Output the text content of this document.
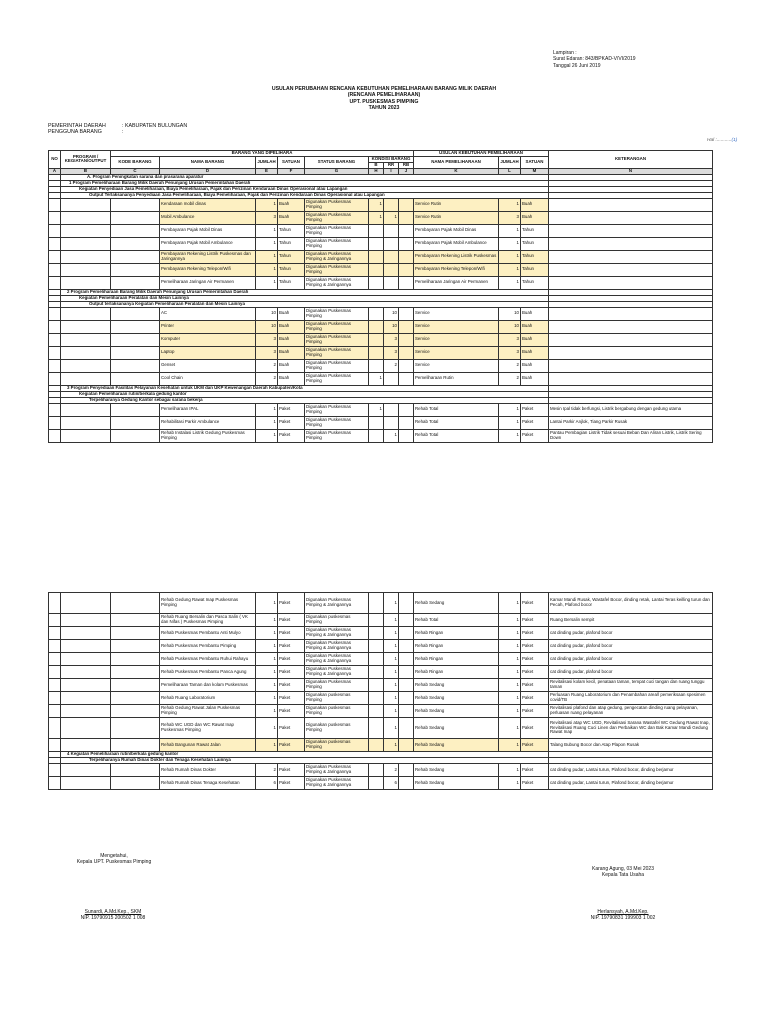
Lampiran :
Surat Edaran: 843/BPKAD-V/VI/2019
Tanggal 26 Juni 2019
USULAN PERUBAHAN RENCANA KEBUTUHAN PEMELIHARAAN BARANG MILIK DAERAH
(RENCANA PEMELIHARAAN)
UPT. PUSKESMAS PIMPING
TAHUN 2023
PEMERINTAH DAERAH	: KABUPATEN BULUNGAN
PENGGUNA BARANG	:
Hal :...........(1)
NO	PROGRAM / KEGIATAN/OUTPUT	BARANG YANG DIPELIHARA								USULAN KEBUTUHAN PEMELIHARAAN			KETERANGAN
		KODE BARANG	NAMA BARANG	JUMLAH	SATUAN	STATUS BARANG	KONDISI BARANG			NAMA PEMELIHARAAN	JUMLAH	SATUAN	
							B	RR	RB				
A	B	C	D	E	F	G	H	I	J	K	L	M	N
	A. Program Peningkatan sarana dan prasarana aparatur												
	1 Program Pemeliharaan Barang Milik Daerah Penunjang Urusan Pemerintahan Daerah												
	Kegiatan Penyediaan Jasa Pemeliharaan, Biaya Pemeliharaan, Pajak dan Perizinan Kendaraan Dinas Operasional atau Lapangan												
	Output Terlaksananya Penyediaan Jasa Pemeliharaan, Biaya Pemeliharaan, Pajak dan Perizinan Kendaraan Dinas Operasional atau Lapangan												
			Kendaraan mobil dinas	1	Buah	Digunakan Puskesmas Pimping	1			Service Rutin	1	Buah	
			Mobil Ambulance	3	Buah	Digunakan Puskesmas Pimping	1	1		Service Rutin	3	Buah	
			Pembayaran Pajak Mobil Dinas	1	Tahun	Digunakan Puskesmas Pimping				Pembayaran Pajak Mobil Dinas	1	Tahun	
			Pembayaran Pajak Mobil Ambulance	1	Tahun	Digunakan Puskesmas Pimping				Pembayaran Pajak Mobil Ambulance	1	Tahun	
			Pembayaran Rekening Listrik Puskesmas dan Jaringannya	1	Tahun	Digunakan Puskesmas Pimping & Jaringannya				Pembayaran Rekening Listrik Puskesmas	1	Tahun	
			Pembayaran Rekening Telepon/Wifi	1	Tahun	Digunakan Puskesmas Pimping				Pembayaran Rekening Telepon/Wifi	1	Tahun	
			Pemeliharaan Jaringan Air Permanen	1	Tahun	Digunakan Puskesmas Pimping & Jaringannya				Pemeliharaan Jaringan Air Permanen	1	Tahun	
	2 Program Pemeliharaan Barang Milik Daerah Penunjang Urusan Pemerintahan Daerah												
	Kegiatan Pemeliharaan Peralatan dan Mesin Lainnya												
	Output terlaksananya Kegiatan Pemeliharaan Peralatan dan Mesin Lainnya												
			AC	10	Buah	Digunakan Puskesmas Pimping		10		Service	10	Buah	
			Printer	10	Buah	Digunakan Puskesmas Pimping		10		Service	10	Buah	
			Komputer	3	Buah	Digunakan Puskesmas Pimping		3		Service	3	Buah	
			Laptop	3	Buah	Digunakan Puskesmas Pimping		3		Service	3	Buah	
			Genset	2	Buah	Digunakan Puskesmas Pimping		2		Service	2	Buah	
			Cool Chain	2	Buah	Digunakan Puskesmas Pimping	1			Pemeliharaan Rutin	2	Buah	
	3 Program Penyediaan Fasilitas Pelayanan Kesehatan untuk UKM dan UKP Kewenangan Daerah Kabupaten/Kota												
	Kegiatan Pemeliharaan rutin/berkala gedung kantor												
	Terpeliharanya Gedung Kantor sebagai sarana bekerja												
			Pemeliharaan IPAL	1	Paket	Digunakan Puskesmas Pimping	1			Rehab Total	1	Paket	Mesin Ipal tidak berfungsi, Listrik bergabung dengan gedung utama
			Rehabilitasi Parkir Ambulance	1	Paket	Digunakan Puskesmas Pimping				Rehab Total	1	Paket	Lantai Parkir Anjlok, Tiang Parkir Rusak
			Rehab Instalasi Listrik Gedung Puskesmas Pimping	1	Paket	Digunakan Puskesmas Pimping		1		Rehab Total	1	Paket	Pantau Pembagian Listrik Tidak sesuai Beban Dan Aliran Listrik, Listrik Sering Down
			Rehab Gedung Rawat Inap Puskesmas Pimping	1	Paket	Digunakan Puskesmas Pimping & Jaringannya		1		Rehab Sedang	1	Paket	Kamar Mandi Rusak, Wastafel Bocor, dinding retak, Lantai Teras keilling turun dan Pecah, Plafond bocor
			Rehab Ruang Bersalin dan Pasca Salin ( VK dan Nifas ) Puskesmas Pimping	1	Paket	Digunakan puskesmas Pimping		1		Rehab Total	1	Paket	Ruang Bersalin sempit
			Rehab Puskesmas Pembantu Anti Mulyo	1	Paket	Digunakan Puskesmas Pimping & Jaringannya		1		Rehab Ringan	1	Paket	cat dinding pudar, plafond bocor
			Rehab Puskesmas Pembantu Pimping	1	Paket	Digunakan Puskesmas Pimping & Jaringannya		1		Rehab Ringan	1	Paket	cat dinding pudar, plafond bocor
			Rehab Puskesmas Pembantu Ruhui Rahayu	1	Paket	Digunakan Puskesmas Pimping & Jaringannya		1		Rehab Ringan	1	Paket	cat dinding pudar, plafond bocor
			Rehab Puskesmas Pembantu Panca Agung	1	Paket	Digunakan Puskesmas Pimping & Jaringannya		1		Rehab Ringan	1	Paket	cat dinding pudar, plafond bocor
			Pemeliharaan Taman dan kolam Puskesmas	1	Paket	Digunakan Puskesmas Pimping		1		Rehab Sedang	1	Paket	Revitalisasi kolam kecil, penataan taman, tempat cuci tangan dan ruang tunggu taman
			Rehab Ruang Laboratorium	1	Paket	Digunakan puskesmas Pimping		1		Rehab Sedang	1	Paket	Perluasan Ruang Laboratorium dan Penambahan area/l pemeriksaan spesimen covid/TB
			Rehab Gedung Rawat Jalan Puskesmas Pimping	1	Paket	Digunakan puskesmas Pimping		1		Rehab Sedang	1	Paket	Revitalisasi plafond dan atap gedung, pengecatan dinding ruang pelayanan, perluasan ruang pelayanan
			Rehab WC UGD dan WC Rawat Inap Puskesmas Pimping	1	Paket	Digunakan puskesmas Pimping		1		Rehab Sedang	1	Paket	Revitalisasi atap WC UGD, Revitalisasi Sarana Wastafel WC Gedung Rawat Inap, Revitalisasi Ruang Cuci Linen dan Perbaikan WC dan Bak Kamar Mandi Gedung Rawat Inap
			Rehab Bangunan Rawat Jalan	1	Paket	Digunakan puskesmas Pimping		1		Rehab Sedang	1	Paket	Talang Bubung Bocor dan Atap Plapon Rusak
	4 Kegiatan Pemeliharaan rutin/berkala gedung kantor												
	Terpeliharanya Rumah Dinas Dokter dan Tenaga Kesehatan Lainnya												
			Rehab Rumah Dinas Dokter	2	Paket	Digunakan Puskesmas Pimping & Jaringannya		2		Rehab Sedang	1	Paket	cat dinding pudar, Lantai turun, Plafond bocor, dinding berjamur
			Rehab Rumah Dinas Tenaga Kesehatan	6	Paket	Digunakan Puskesmas Pimping & Jaringannya		6		Rehab Sedang	1	Paket	cat dinding pudar, Lantai turun, Plafond bocor, dinding berjamur
Mengetahui,
Kepala UPT. Puskesmas Pimping
Sunardi, A.Md.Kep., SKM
NIP. 19790915 200502 1 008
Karang Agung, 03 Mei 2023
Kepala Tata Usaha
Herlansyah, A.Md.Kep.
NIP. 19790831 199903 1 002
